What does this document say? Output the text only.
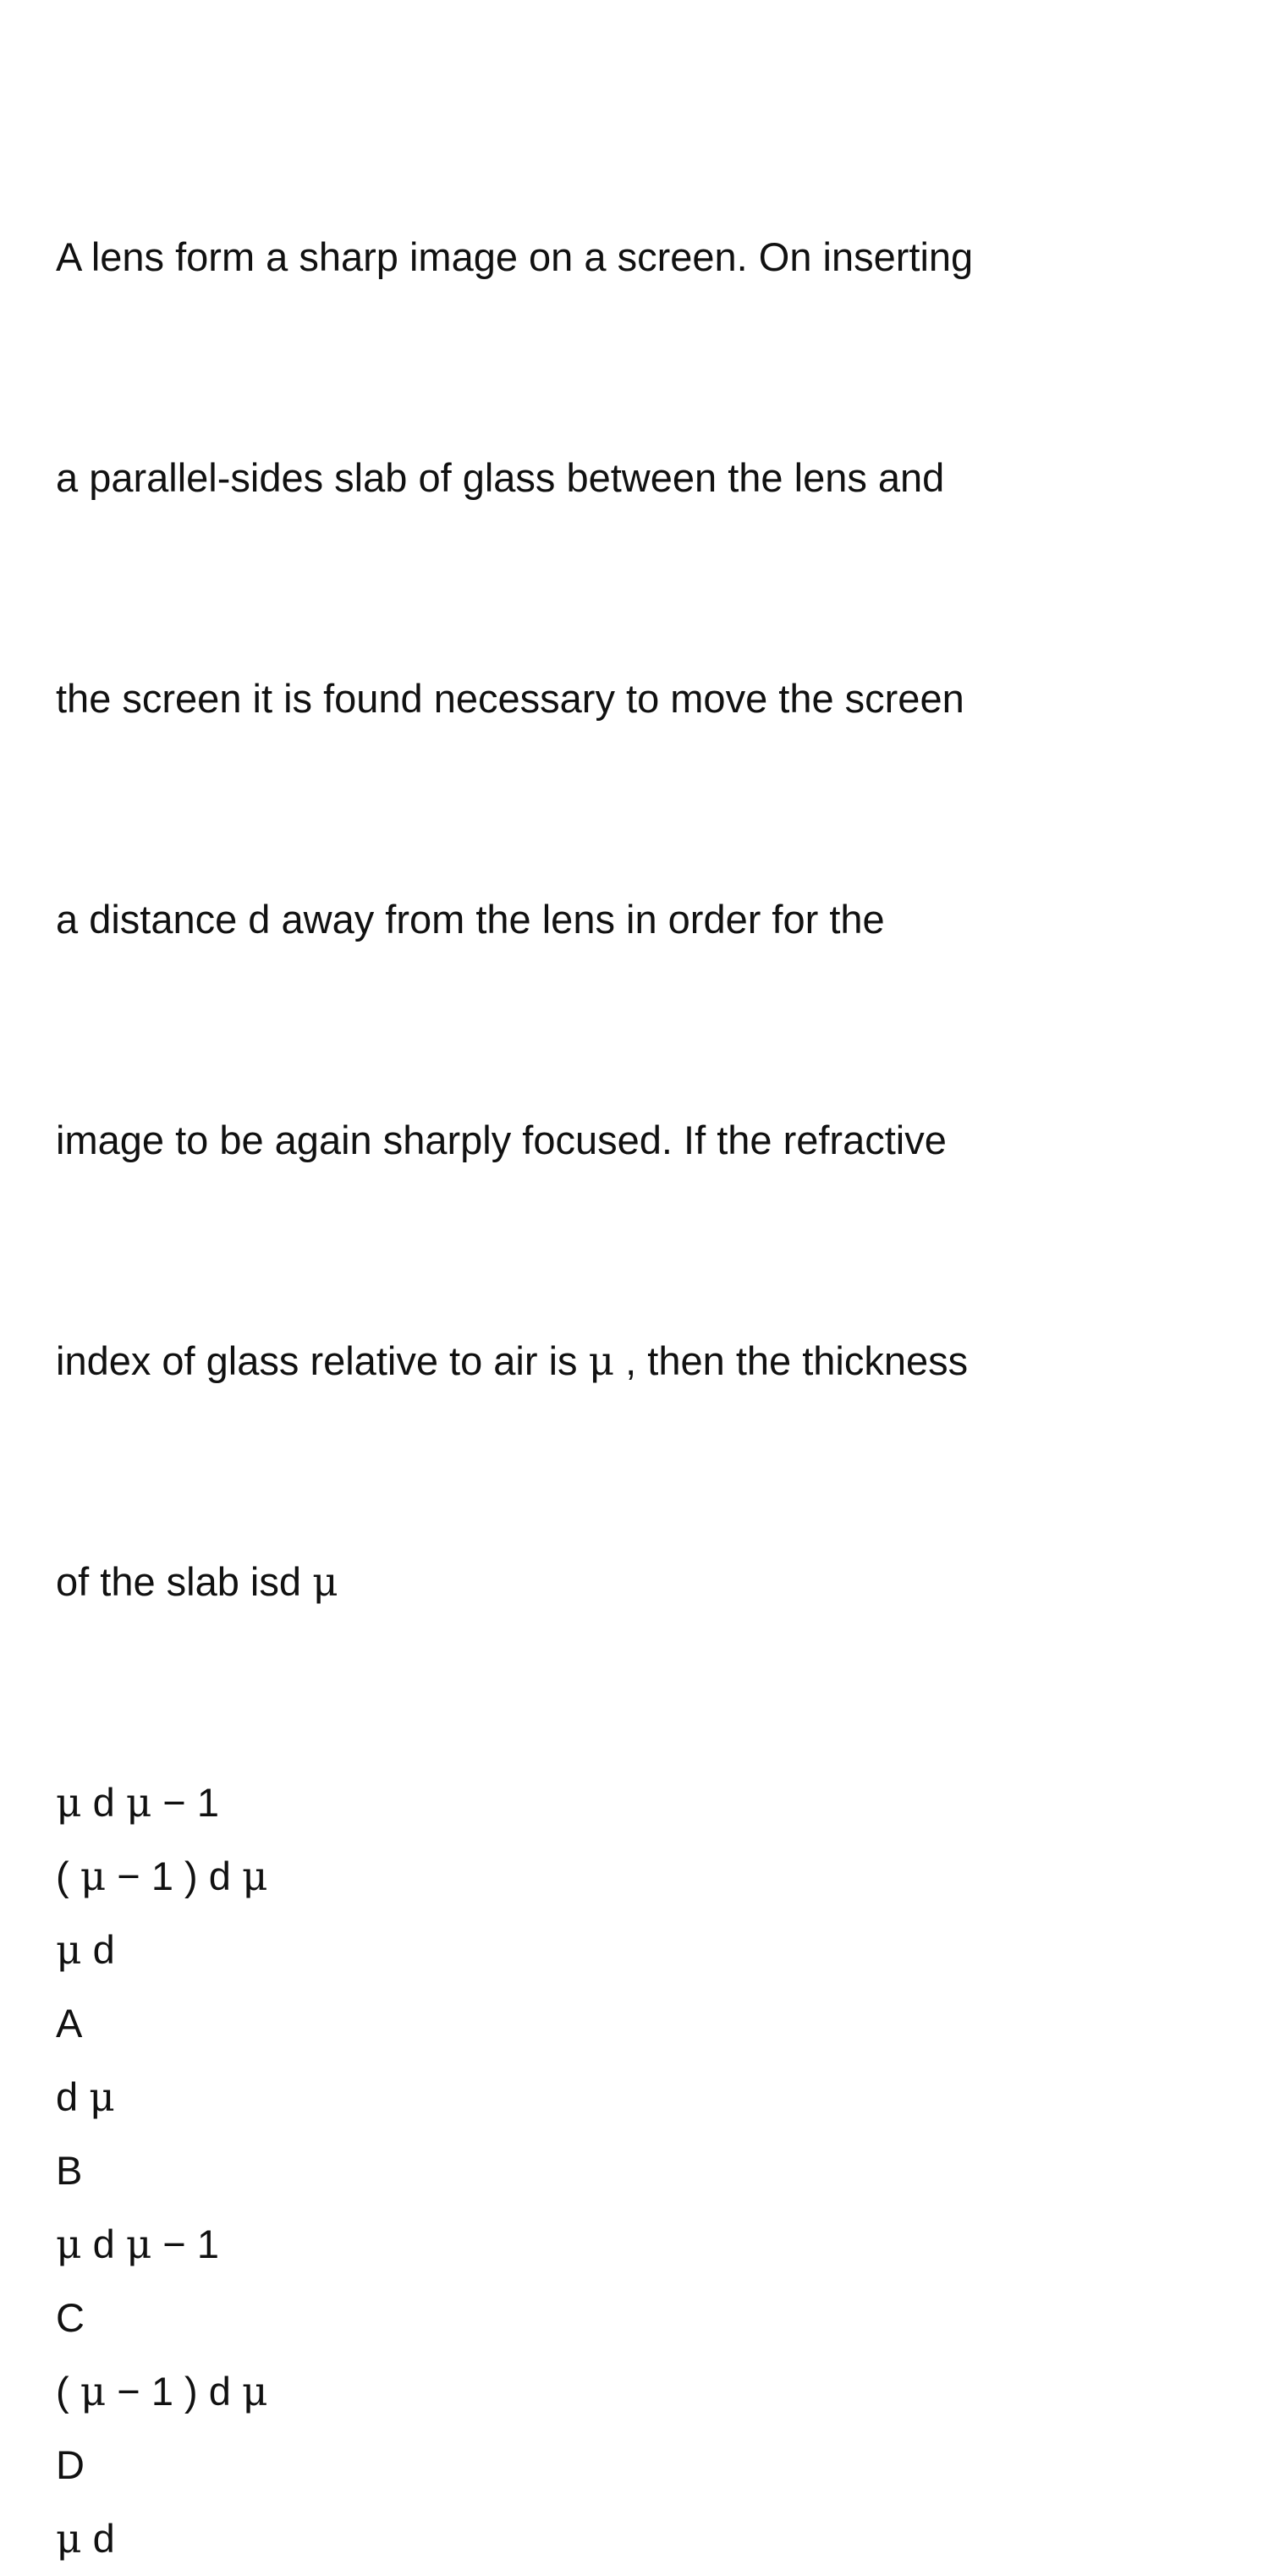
A lens form a sharp image on a screen. On inserting

a parallel-sides slab of glass between the lens and

the screen it is found necessary to move the screen

a distance d away from the lens in order for the

image to be again sharply focused. If the refractive

index of glass relative to air is μ , then the thickness

of the slab isd μ

μ d μ − 1
( μ − 1 ) d μ
μ d
A
d μ
B
μ d μ − 1
C
( μ − 1 ) d μ
D
μ d
